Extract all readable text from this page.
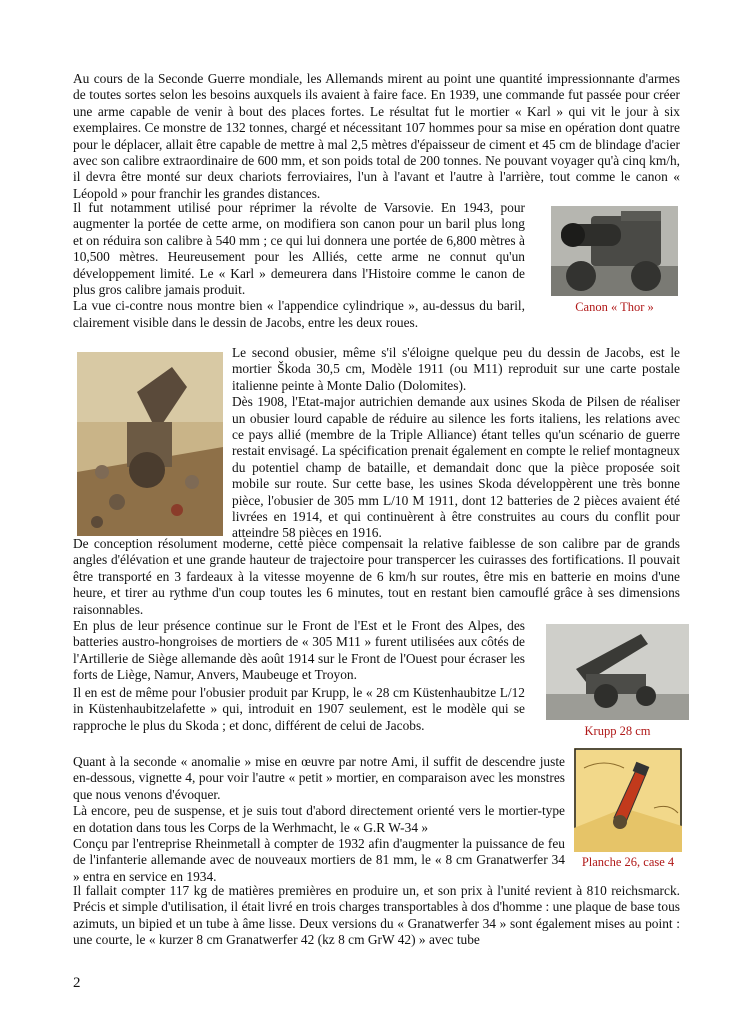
Au cours de la Seconde Guerre mondiale, les Allemands mirent au point une quantité impressionnante d'armes de toutes sortes selon les besoins auxquels ils avaient à faire face. En 1939, une commande fut passée pour créer une arme capable de venir à bout des places fortes. Le résultat fut le mortier « Karl » qui vit le jour à six exemplaires. Ce monstre de 132 tonnes, chargé et nécessitant 107 hommes pour sa mise en opération dont quatre pour le déplacer, allait être capable de mettre à mal 2,5 mètres d'épaisseur de ciment et 45 cm de blindage d'acier avec son calibre extraordinaire de 600 mm, et son poids total de 200 tonnes. Ne pouvant voyager qu'à cinq km/h, il devra être monté sur deux chariots ferroviaires, l'un à l'avant et l'autre à l'arrière, tout comme le canon « Léopold » pour franchir les grandes distances.

Il fut notamment utilisé pour réprimer la révolte de Varsovie. En 1943, pour augmenter la portée de cette arme, on modifiera son canon pour un baril plus long et on réduira son calibre à 540 mm ; ce qui lui donnera une portée de 6,800 mètres à 10,500 mètres. Heureusement pour les Alliés, cette arme ne connut qu'un développement limité. Le « Karl » demeurera dans l'Histoire comme le canon de plus gros calibre jamais produit.

La vue ci-contre nous montre bien « l'appendice cylindrique », au-dessus du baril, clairement visible dans le dessin de Jacobs, entre les deux roues.

Canon « Thor »

Le second obusier, même s'il s'éloigne quelque peu du dessin de Jacobs, est le mortier Škoda 30,5 cm, Modèle 1911 (ou M11) reproduit sur une carte postale italienne peinte à Monte Dalio (Dolomites).

Dès 1908, l'Etat-major autrichien demande aux usines Skoda de Pilsen de réaliser un obusier lourd capable de réduire au silence les forts italiens, les relations avec ce pays allié (membre de la Triple Alliance) étant telles qu'un scénario de guerre restait envisagé. La spécification prenait également en compte le relief montagneux du potentiel champ de bataille, et demandait donc que la pièce proposée soit mobile sur route. Sur cette base, les usines Skoda développèrent une très bonne pièce, l'obusier de 305 mm L/10 M 1911, dont 12 batteries de 2 pièces avaient été livrées en 1914, et qui continuèrent à être construites au cours du conflit pour atteindre 58 pièces en 1916.

De conception résolument moderne, cette pièce compensait la relative faiblesse de son calibre par de grands angles d'élévation et une grande hauteur de trajectoire pour transpercer les cuirasses des fortifications. Il pouvait être transporté en 3 fardeaux à la vitesse moyenne de 6 km/h sur routes, être mis en batterie en moins d'une heure, et tirer au rythme d'un coup toutes les 6 minutes, tout en restant bien camouflé grâce à ses dimensions raisonnables.

En plus de leur présence continue sur le Front de l'Est et le Front des Alpes, des batteries austro-hongroises de mortiers de « 305 M11 » furent utilisées aux côtés de l'Artillerie de Siège allemande dès août 1914 sur le Front de l'Ouest pour écraser les forts de Liège, Namur, Anvers, Maubeuge et Troyon.

Krupp 28 cm

Il en est de même pour l'obusier produit par Krupp, le « 28 cm Küstenhaubitze L/12 in Küstenhaubitzelafette » qui, introduit en 1907 seulement, est le modèle qui se rapproche le plus du Skoda ; et donc, différent de celui de Jacobs.

Quant à la seconde « anomalie » mise en œuvre par notre Ami, il suffit de descendre juste en-dessous, vignette 4, pour voir l'autre « petit » mortier, en comparaison avec les monstres que nous venons d'évoquer.

Là encore, peu de suspense, et je suis tout d'abord directement orienté vers le mortier-type en dotation dans tous les Corps de la Werhmacht, le « G.R W-34 »

Conçu par l'entreprise Rheinmetall à compter de 1932 afin d'augmenter la puissance de feu de l'infanterie allemande avec de nouveaux mortiers de 81 mm, le « 8 cm Granatwerfer 34 » entra en service en 1934.

Planche 26, case 4

Il fallait compter 117 kg de matières premières en produire un, et son prix à l'unité revient à 810 reichsmarck. Précis et simple d'utilisation, il était livré en trois charges transportables à dos d'homme : une plaque de base tous azimuts, un bipied et un tube à âme lisse. Deux versions du « Granatwerfer 34 » sont également mises au point : une courte, le « kurzer 8 cm Granatwerfer 42 (kz 8 cm GrW 42) » avec tube

2
